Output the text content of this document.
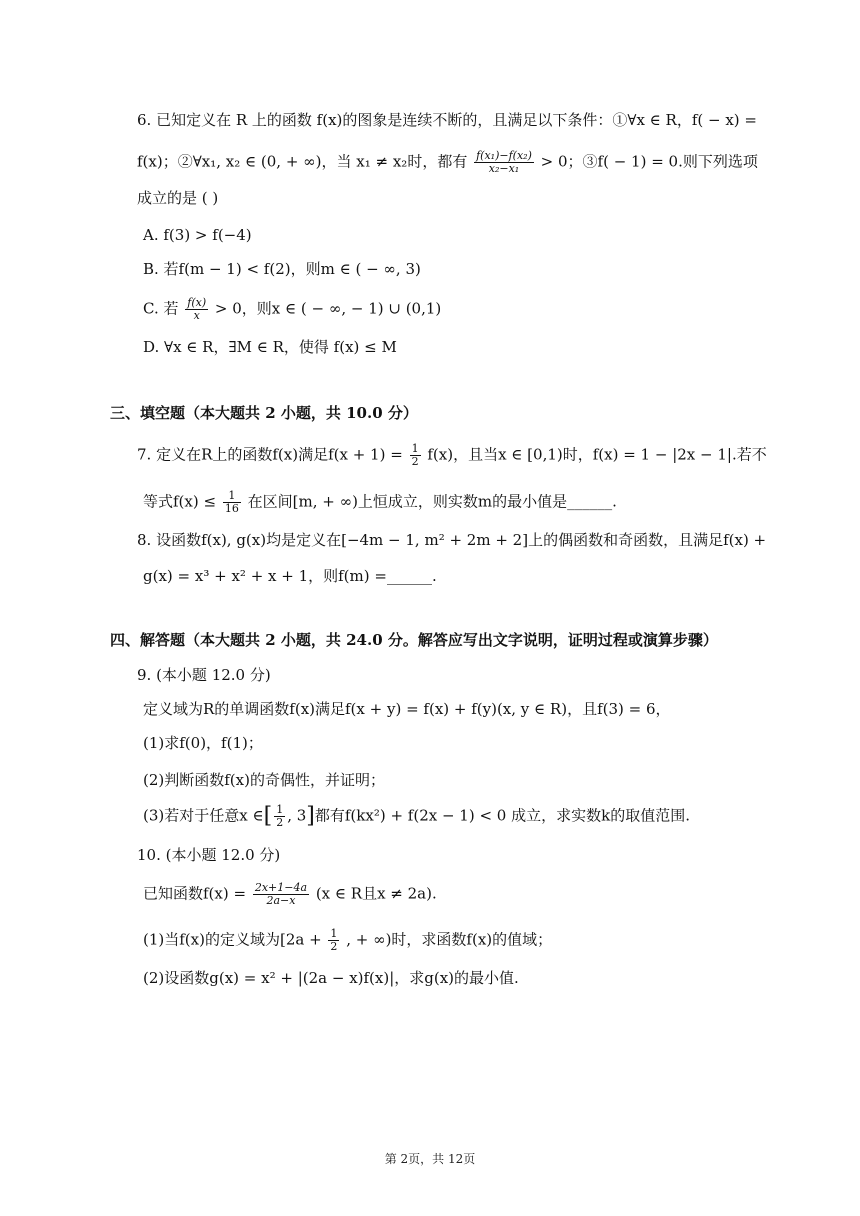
6. 已知定义在 R 上的函数 f(x)的图象是连续不断的，且满足以下条件：①∀x ∈ R，f( − x) =
f(x)；②∀x₁, x₂ ∈ (0, + ∞)，当 x₁ ≠ x₂时，都有 $\frac{\text{f(x₁)−f(x₂)}}{\text{x₂−x₁}} > 0$；③f( − 1) = 0.则下列选项
成立的是 ( )
A. f(3) > f(−4)
B. 若f(m − 1) < f(2)，则m ∈ ( − ∞, 3)
C. 若 $\frac{f(x)}{x} > 0$，则x ∈ ( − ∞, − 1) ∪ (0,1)
D. ∀x ∈ R，∃M ∈ R，使得 f(x) ≤ M
三、填空题（本大题共 2 小题，共 10.0 分）
7. 定义在R上的函数f(x)满足$f(x + 1) = \frac{1}{2} f(x)$，且当x ∈ [0,1)时，f(x) = 1 − |2x − 1|.若不
等式$f(x) \le \frac{1}{16}$ 在区间[m, + ∞)上恒成立，则实数m的最小值是______.
8. 设函数f(x), g(x)均是定义在[−4m − 1, m² + 2m + 2]上的偶函数和奇函数，且满足f(x) +
g(x) = x³ + x² + x + 1，则f(m) =______.
四、解答题（本大题共 2 小题，共 24.0 分。解答应写出文字说明，证明过程或演算步骤）
9. (本小题 12.0 分)
定义域为R的单调函数f(x)满足f(x + y) = f(x) + f(y)(x, y ∈ R)，且f(3) = 6，
(1)求f(0)，f(1)；
(2)判断函数f(x)的奇偶性，并证明；
(3)若对于任意x ∈[ $\frac{1}{2}$ , 3]都有f(kx²) + f(2x − 1) < 0 成立，求实数k的取值范围.
10. (本小题 12.0 分)
已知函数$f(x) = \frac{2x+1-4a}{2a-x} (x$ ∈ R且x ≠ 2a).
(1)当f(x)的定义域为[$2a + \frac{1}{2}$ , + ∞)时，求函数f(x)的值域；
(2)设函数g(x) = x² + |(2a − x)f(x)|，求g(x)的最小值.
第 2页，共 12页
